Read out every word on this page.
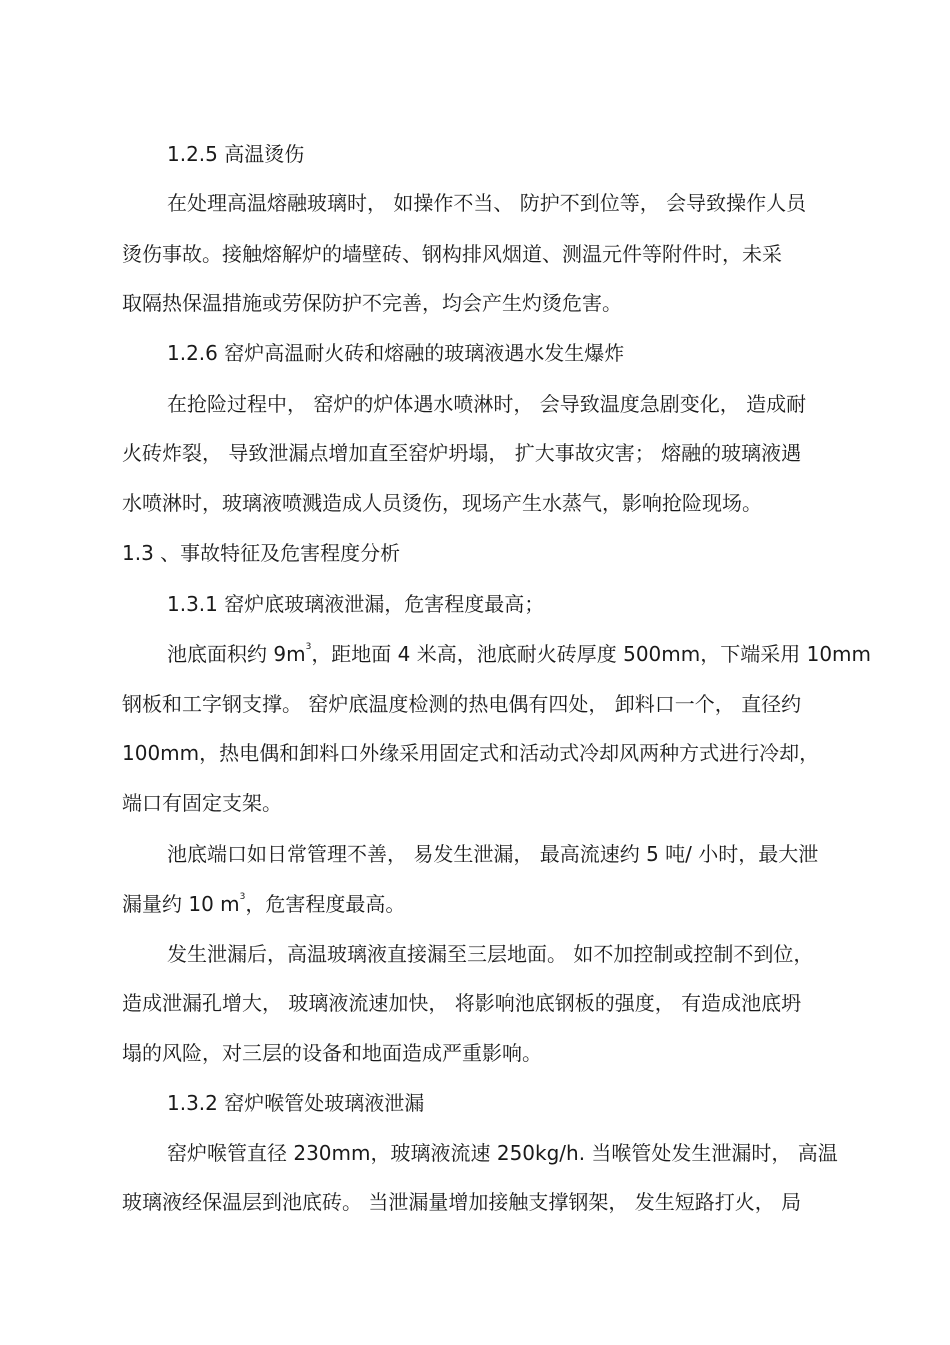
1.2.5 高温烫伤
在处理高温熔融玻璃时， 如操作不当、 防护不到位等， 会导致操作人员
烫伤事故。接触熔解炉的墙壁砖、钢构排风烟道、测温元件等附件时，未采
取隔热保温措施或劳保防护不完善，均会产生灼烫危害。
1.2.6 窑炉高温耐火砖和熔融的玻璃液遇水发生爆炸
在抢险过程中， 窑炉的炉体遇水喷淋时， 会导致温度急剧变化， 造成耐
火砖炸裂， 导致泄漏点增加直至窑炉坍塌， 扩大事故灾害； 熔融的玻璃液遇
水喷淋时，玻璃液喷溅造成人员烫伤，现场产生水蒸气，影响抢险现场。
1.3 、事故特征及危害程度分析
1.3.1 窑炉底玻璃液泄漏，危害程度最高；
池底面积约 $9m^3$，距地面 4 米高，池底耐火砖厚度 500mm，下端采用 10mm
钢板和工字钢支撑。 窑炉底温度检测的热电偶有四处， 卸料口一个， 直径约
100mm，热电偶和卸料口外缘采用固定式和活动式冷却风两种方式进行冷却，
端口有固定支架。
池底端口如日常管理不善， 易发生泄漏， 最高流速约 5 吨/ 小时，最大泄
漏量约 10 $m^3$，危害程度最高。
发生泄漏后，高温玻璃液直接漏至三层地面。 如不加控制或控制不到位，
造成泄漏孔增大， 玻璃液流速加快， 将影响池底钢板的强度， 有造成池底坍
塌的风险，对三层的设备和地面造成严重影响。
1.3.2 窑炉喉管处玻璃液泄漏
窑炉喉管直径 230mm，玻璃液流速 250kg/h. 当喉管处发生泄漏时， 高温
玻璃液经保温层到池底砖。 当泄漏量增加接触支撑钢架， 发生短路打火， 局
